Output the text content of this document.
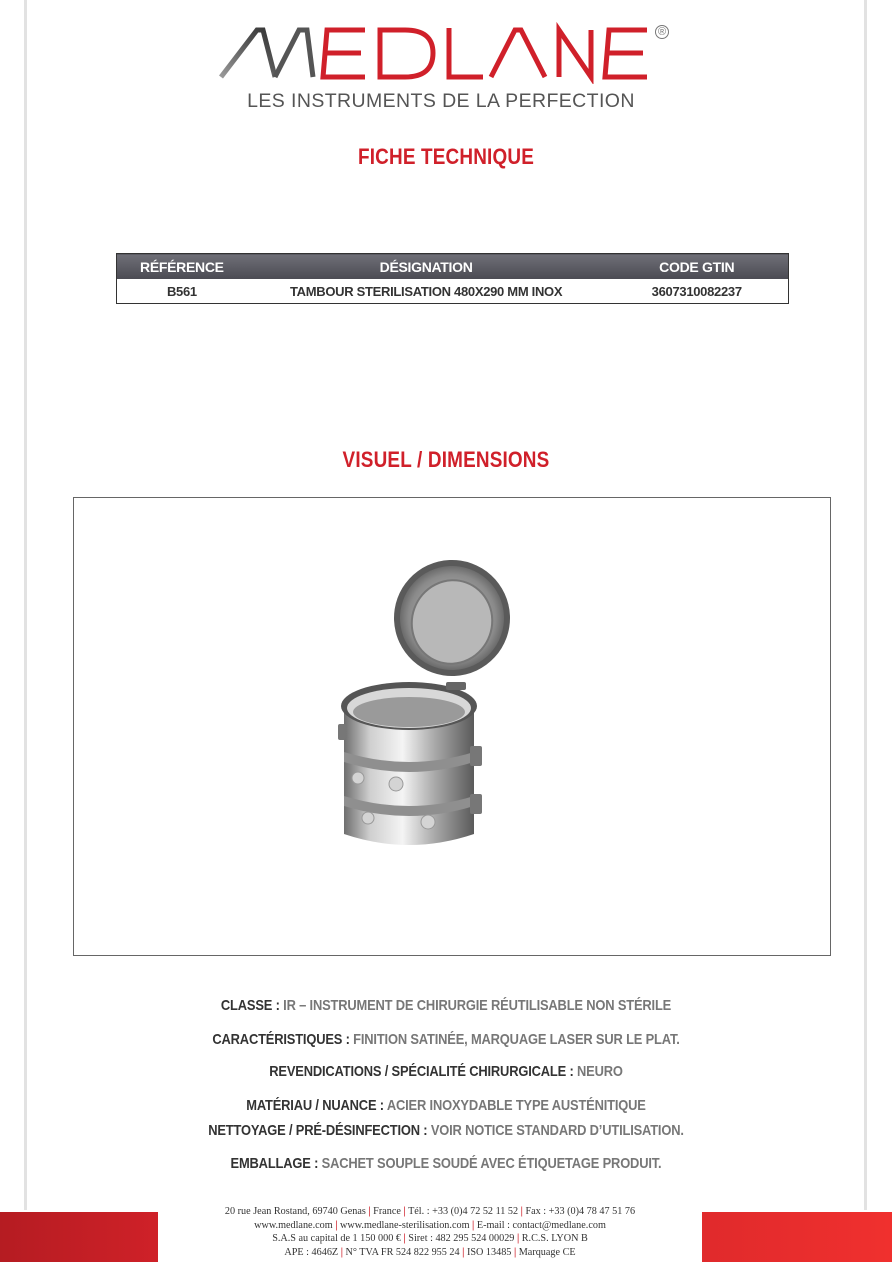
®
LES INSTRUMENTS DE LA PERFECTION
FICHE TECHNIQUE
RÉFÉRENCE	DÉSIGNATION	CODE GTIN
B561	TAMBOUR STERILISATION 480X290 MM INOX	3607310082237
VISUEL / DIMENSIONS
CLASSE : IR – INSTRUMENT DE CHIRURGIE RÉUTILISABLE NON STÉRILE
CARACTÉRISTIQUES : FINITION SATINÉE, MARQUAGE LASER SUR LE PLAT.
REVENDICATIONS / SPÉCIALITÉ CHIRURGICALE : NEURO
MATÉRIAU / NUANCE : ACIER INOXYDABLE TYPE AUSTÉNITIQUE
NETTOYAGE / PRÉ-DÉSINFECTION : VOIR NOTICE STANDARD D’UTILISATION.
EMBALLAGE : SACHET SOUPLE SOUDÉ AVEC ÉTIQUETAGE PRODUIT.
20 rue Jean Rostand, 69740 Genas | France | Tél. : +33 (0)4 72 52 11 52 | Fax : +33 (0)4 78 47 51 76
www.medlane.com | www.medlane-sterilisation.com | E-mail : contact@medlane.com
S.A.S au capital de 1 150 000 € | Siret : 482 295 524 00029 | R.C.S. LYON B
APE : 4646Z | N° TVA FR 524 822 955 24 | ISO 13485 | Marquage CE
